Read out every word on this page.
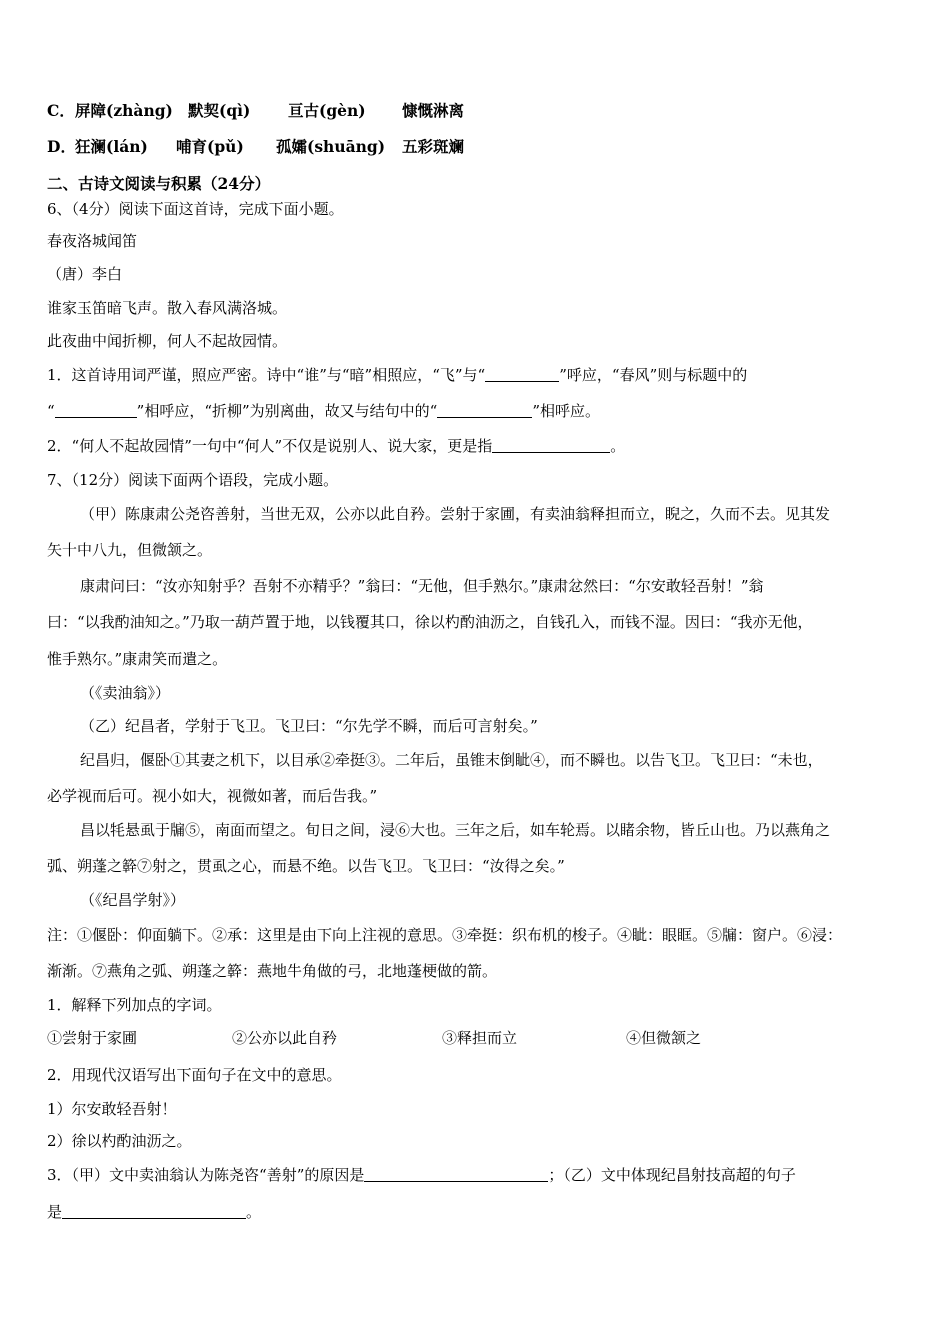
C． 屏障(zhàng) 默契(qì) 亘古(gèn) 慷慨淋离
D． 狂澜(lán) 哺育(pǔ) 孤孀(shuāng) 五彩斑斓
二、古诗文阅读与积累（24分）
6、（4分）阅读下面这首诗，完成下面小题。
春夜洛城闻笛
（唐）李白
谁家玉笛暗飞声。散入春风满洛城。
此夜曲中闻折柳，何人不起故园情。
1．这首诗用词严谨，照应严密。诗中“谁”与“暗”相照应，“飞”与“	”呼应，“春风”则与标题中的
“	”相呼应，“折柳”为别离曲，故又与结句中的“	”相呼应。
2．“何人不起故园情”一句中“何人”不仅是说别人、说大家，更是指	。
7、（12分）阅读下面两个语段，完成小题。
（甲）陈康肃公尧咨善射，当世无双，公亦以此自矜。尝射于家圃，有卖油翁释担而立，睨之，久而不去。见其发
矢十中八九，但微颔之。
康肃问曰：“汝亦知射乎？吾射不亦精乎？”翁曰：“无他，但手熟尔。”康肃忿然曰：“尔安敢轻吾射！”翁
曰：“以我酌油知之。”乃取一葫芦置于地，以钱覆其口，徐以杓酌油沥之，自钱孔入，而钱不湿。因曰：“我亦无他，
惟手熟尔。”康肃笑而遣之。
（《卖油翁》）
（乙）纪昌者，学射于飞卫。飞卫曰：“尔先学不瞬，而后可言射矣。”
纪昌归，偃卧①其妻之机下，以目承②牵挺③。二年后，虽锥末倒眦④，而不瞬也。以告飞卫。飞卫曰：“未也，
必学视而后可。视小如大，视微如著，而后告我。”
昌以牦悬虱于牖⑤，南面而望之。旬日之间，浸⑥大也。三年之后，如车轮焉。以睹余物，皆丘山也。乃以燕角之
弧、朔蓬之簳⑦射之，贯虱之心，而悬不绝。以告飞卫。飞卫曰：“汝得之矣。”
（《纪昌学射》）
注：①偃卧：仰面躺下。②承：这里是由下向上注视的意思。③牵挺：织布机的梭子。④眦：眼眶。⑤牖：窗户。⑥浸：
渐渐。⑦燕角之弧、朔蓬之簳：燕地牛角做的弓，北地蓬梗做的箭。
1．解释下列加点的字词。
①尝射于家圃	②公亦以此自矜	③释担而立	④但微颔之
2．用现代汉语写出下面句子在文中的意思。
1）尔安敢轻吾射！
2）徐以杓酌油沥之。
3．（甲）文中卖油翁认为陈尧咨“善射”的原因是	；（乙）文中体现纪昌射技高超的句子
是	。
